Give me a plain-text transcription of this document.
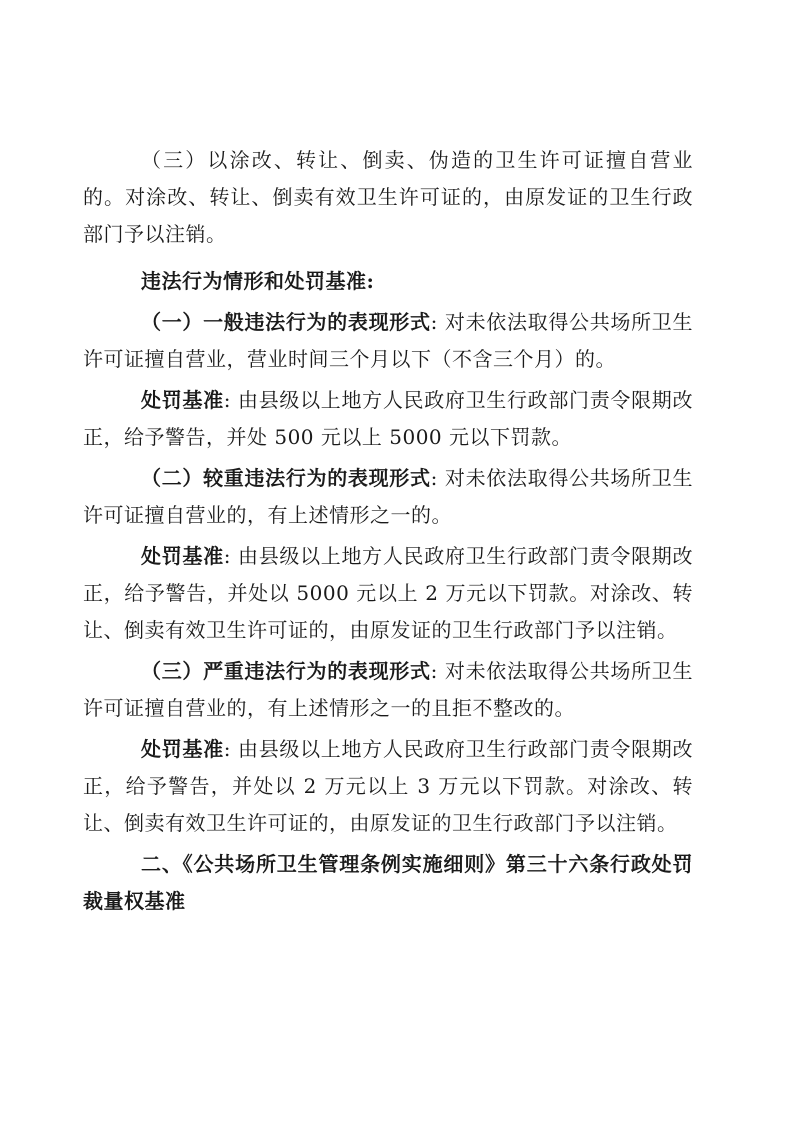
（三）以涂改、转让、倒卖、伪造的卫生许可证擅自营业的。对涂改、转让、倒卖有效卫生许可证的，由原发证的卫生行政部门予以注销。

违法行为情形和处罚基准:

（一）一般违法行为的表现形式: 对未依法取得公共场所卫生许可证擅自营业，营业时间三个月以下（不含三个月）的。

处罚基准: 由县级以上地方人民政府卫生行政部门责令限期改正，给予警告，并处 500 元以上 5000 元以下罚款。

（二）较重违法行为的表现形式: 对未依法取得公共场所卫生许可证擅自营业的，有上述情形之一的。

处罚基准: 由县级以上地方人民政府卫生行政部门责令限期改正，给予警告，并处以 5000 元以上 2 万元以下罚款。对涂改、转让、倒卖有效卫生许可证的，由原发证的卫生行政部门予以注销。

（三）严重违法行为的表现形式: 对未依法取得公共场所卫生许可证擅自营业的，有上述情形之一的且拒不整改的。

处罚基准: 由县级以上地方人民政府卫生行政部门责令限期改正，给予警告，并处以 2 万元以上 3 万元以下罚款。对涂改、转让、倒卖有效卫生许可证的，由原发证的卫生行政部门予以注销。

二、《公共场所卫生管理条例实施细则》第三十六条行政处罚裁量权基准
